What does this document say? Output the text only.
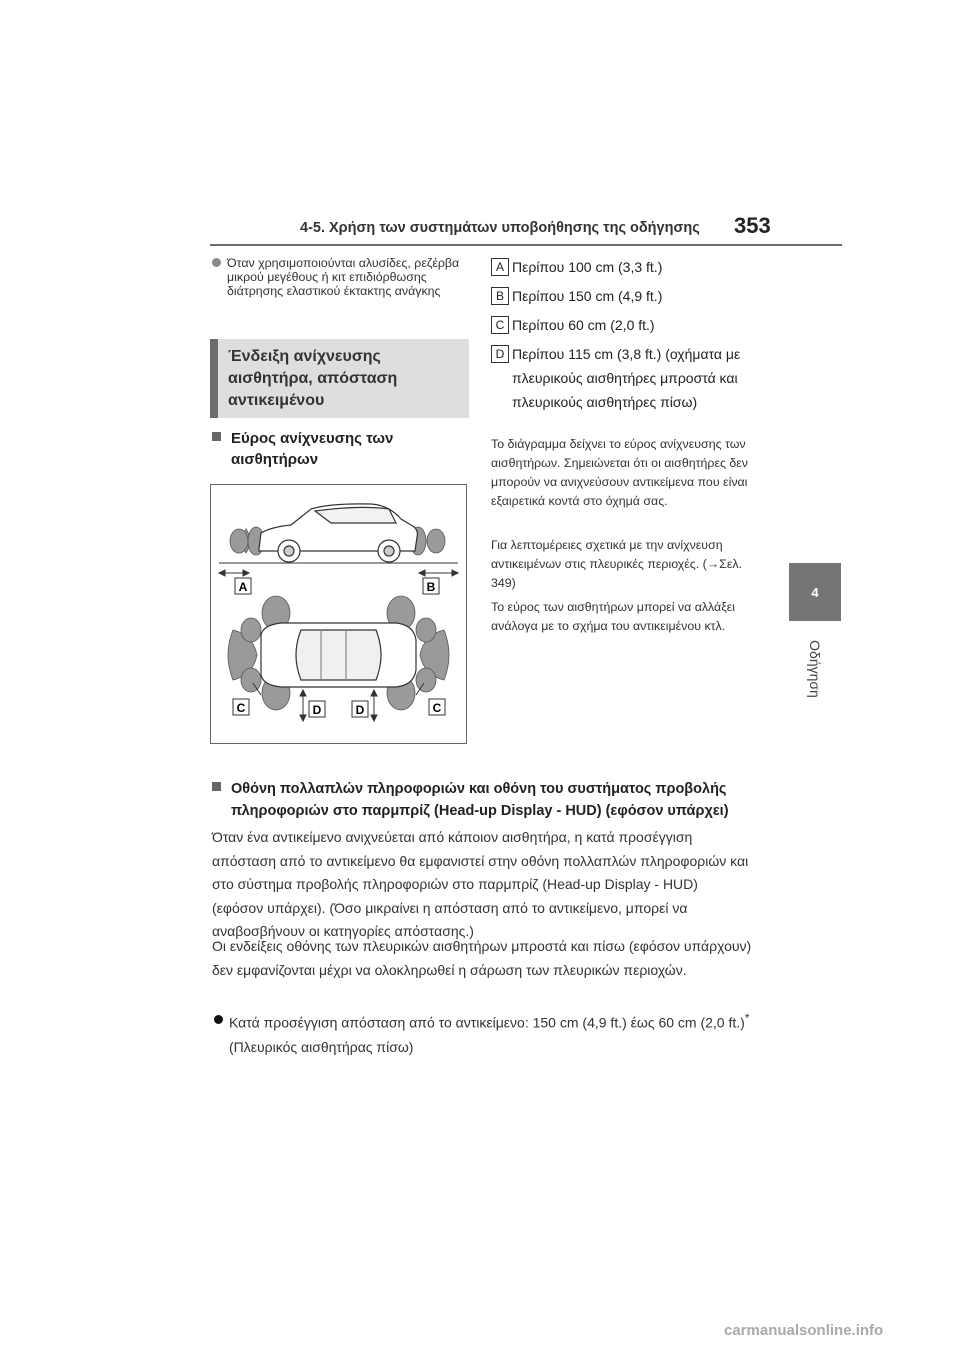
4-5. Χρήση των συστημάτων υποβοήθησης της οδήγησης 353
4
Οδήγηση

Όταν χρησιμοποιούνται αλυσίδες, ρεζέρβα μικρού μεγέθους ή κιτ επιδιόρθωσης διάτρησης ελαστικού έκτακτης ανάγκης

Ένδειξη ανίχνευσης αισθητήρα, απόσταση αντικειμένου
Εύρος ανίχνευσης των αισθητήρων
A	B
C	D	D	C
A Περίπου 100 cm (3,3 ft.)
B Περίπου 150 cm (4,9 ft.)
C Περίπου 60 cm (2,0 ft.)
D Περίπου 115 cm (3,8 ft.) (οχήματα με πλευρικούς αισθητήρες μπροστά και πλευρικούς αισθητήρες πίσω)
Το διάγραμμα δείχνει το εύρος ανίχνευσης των αισθητήρων. Σημειώνεται ότι οι αισθητήρες δεν μπορούν να ανιχνεύσουν αντικείμενα που είναι εξαιρετικά κοντά στο όχημά σας.
Για λεπτομέρειες σχετικά με την ανίχνευση αντικειμένων στις πλευρικές περιοχές. (→Σελ. 349)
Το εύρος των αισθητήρων μπορεί να αλλάξει ανάλογα με το σχήμα του αντικειμένου κτλ.
Οθόνη πολλαπλών πληροφοριών και οθόνη του συστήματος προβολής πληροφοριών στο παρμπρίζ (Head-up Display - HUD) (εφόσον υπάρχει)
Όταν ένα αντικείμενο ανιχνεύεται από κάποιον αισθητήρα, η κατά προσέγγιση απόσταση από το αντικείμενο θα εμφανιστεί στην οθόνη πολλαπλών πληροφοριών και στο σύστημα προβολής πληροφοριών στο παρμπρίζ (Head-up Display - HUD) (εφόσον υπάρχει). (Όσο μικραίνει η απόσταση από το αντικείμενο, μπορεί να αναβοσβήνουν οι κατηγορίες απόστασης.)
Οι ενδείξεις οθόνης των πλευρικών αισθητήρων μπροστά και πίσω (εφόσον υπάρχουν) δεν εμφανίζονται μέχρι να ολοκληρωθεί η σάρωση των πλευρικών περιοχών.
Κατά προσέγγιση απόσταση από το αντικείμενο: 150 cm (4,9 ft.) έως 60 cm (2,0 ft.)* (Πλευρικός αισθητήρας πίσω)
carmanualsonline.info
